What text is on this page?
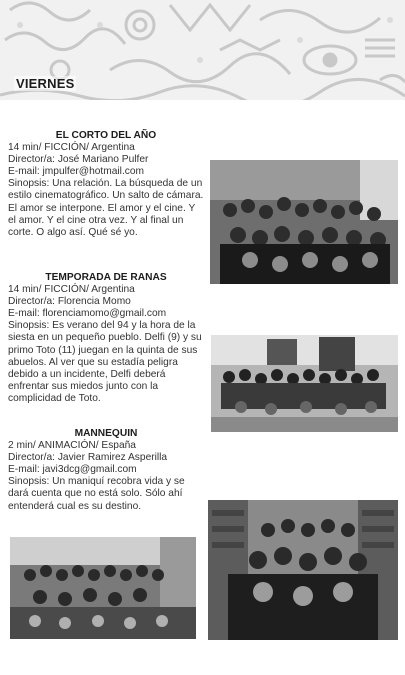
VIERNES
EL CORTO DEL AÑO
14 min/ FICCIÓN/ Argentina
Director/a: José Mariano Pulfer
E-mail: jmpulfer@hotmail.com
Sinopsis: Una relación. La búsqueda de un estilo cinematográfico. Un salto de cámara. El amor se interpone. El amor y el cine. Y el amor. Y el cine otra vez. Y al final un corte. O algo así. Qué sé yo.
TEMPORADA DE RANAS
14 min/ FICCIÓN/ Argentina
Director/a: Florencia Momo
E-mail: florenciamomo@gmail.com
Sinopsis: Es verano del 94 y la hora de la siesta en un pequeño pueblo. Delfi (9) y su primo Toto (11) juegan en la quinta de sus abuelos. Al ver que su estadía peligra debido a un incidente, Delfi deberá enfrentar sus miedos junto con la complicidad de Toto.
MANNEQUIN
2 min/ ANIMACIÓN/ España
Director/a: Javier Ramirez Asperilla
E-mail: javi3dcg@gmail.com
Sinopsis: Un maniquí recobra vida y se dará cuenta que no está solo. Sólo ahí entenderá cual es su destino.
